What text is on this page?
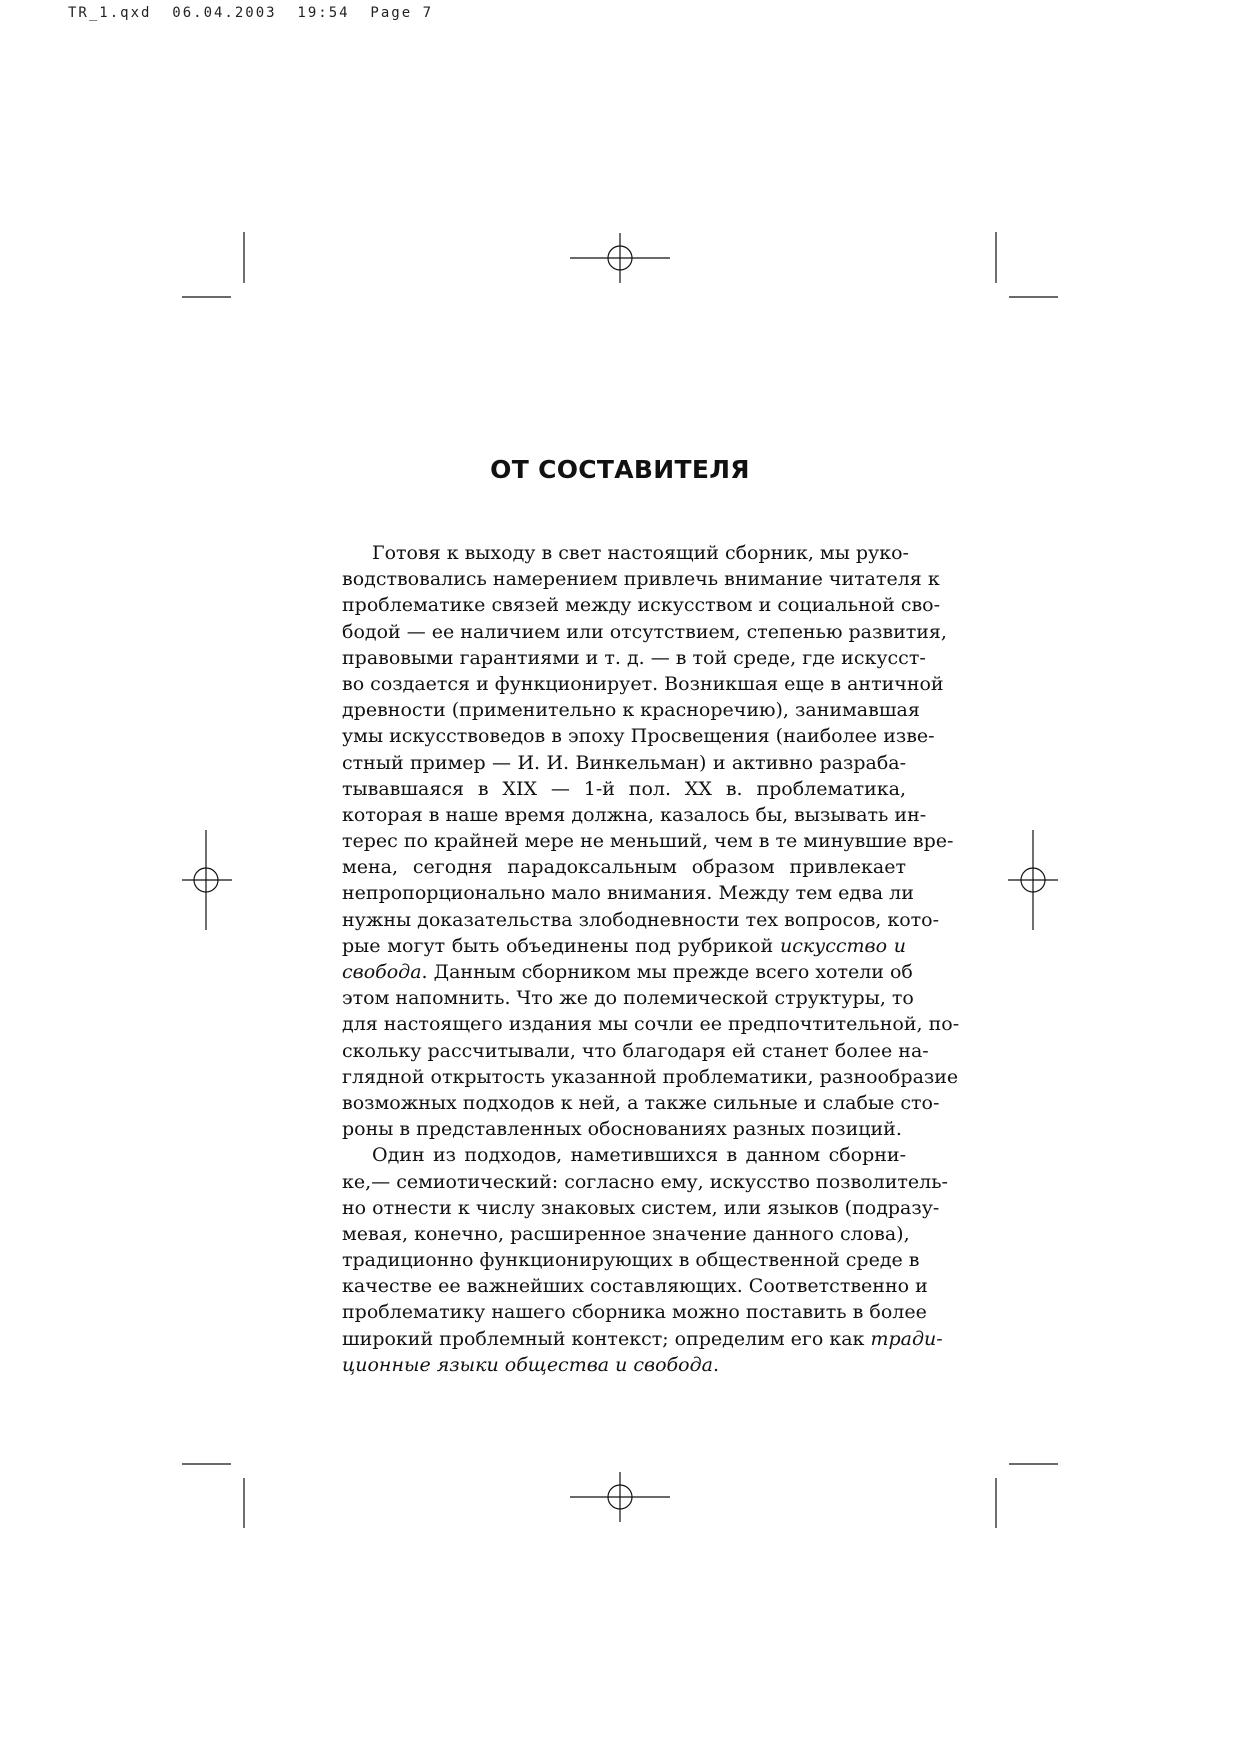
TR_1.qxd  06.04.2003  19:54  Page 7
ОТ СОСТАВИТЕЛЯ

Готовя к выходу в свет настоящий сборник, мы руко-
водствовались намерением привлечь внимание читателя к
проблематике связей между искусством и социальной сво-
бодой — ее наличием или отсутствием, степенью развития,
правовыми гарантиями и т. д. — в той среде, где искусст-
во создается и функционирует. Возникшая еще в античной
древности (применительно к красноречию), занимавшая
умы искусствоведов в эпоху Просвещения (наиболее изве-
стный пример — И. И. Винкельман) и активно разраба-
тывавшаяся в XIX — 1-й пол. XX в. проблематика,
которая в наше время должна, казалось бы, вызывать ин-
терес по крайней мере не меньший, чем в те минувшие вре-
мена, сегодня парадоксальным образом привлекает
непропорционально мало внимания. Между тем едва ли
нужны доказательства злободневности тех вопросов, кото-
рые могут быть объединены под рубрикой искусство и
свобода. Данным сборником мы прежде всего хотели об
этом напомнить. Что же до полемической структуры, то
для настоящего издания мы сочли ее предпочтительной, по-
скольку рассчитывали, что благодаря ей станет более на-
глядной открытость указанной проблематики, разнообразие
возможных подходов к ней, а также сильные и слабые сто-
роны в представленных обоснованиях разных позиций.

Один из подходов, наметившихся в данном сборни-
ке,— семиотический: согласно ему, искусство позволитель-
но отнести к числу знаковых систем, или языков (подразу-
мевая, конечно, расширенное значение данного слова),
традиционно функционирующих в общественной среде в
качестве ее важнейших составляющих. Соответственно и
проблематику нашего сборника можно поставить в более
широкий проблемный контекст; определим его как тради-
ционные языки общества и свобода.
